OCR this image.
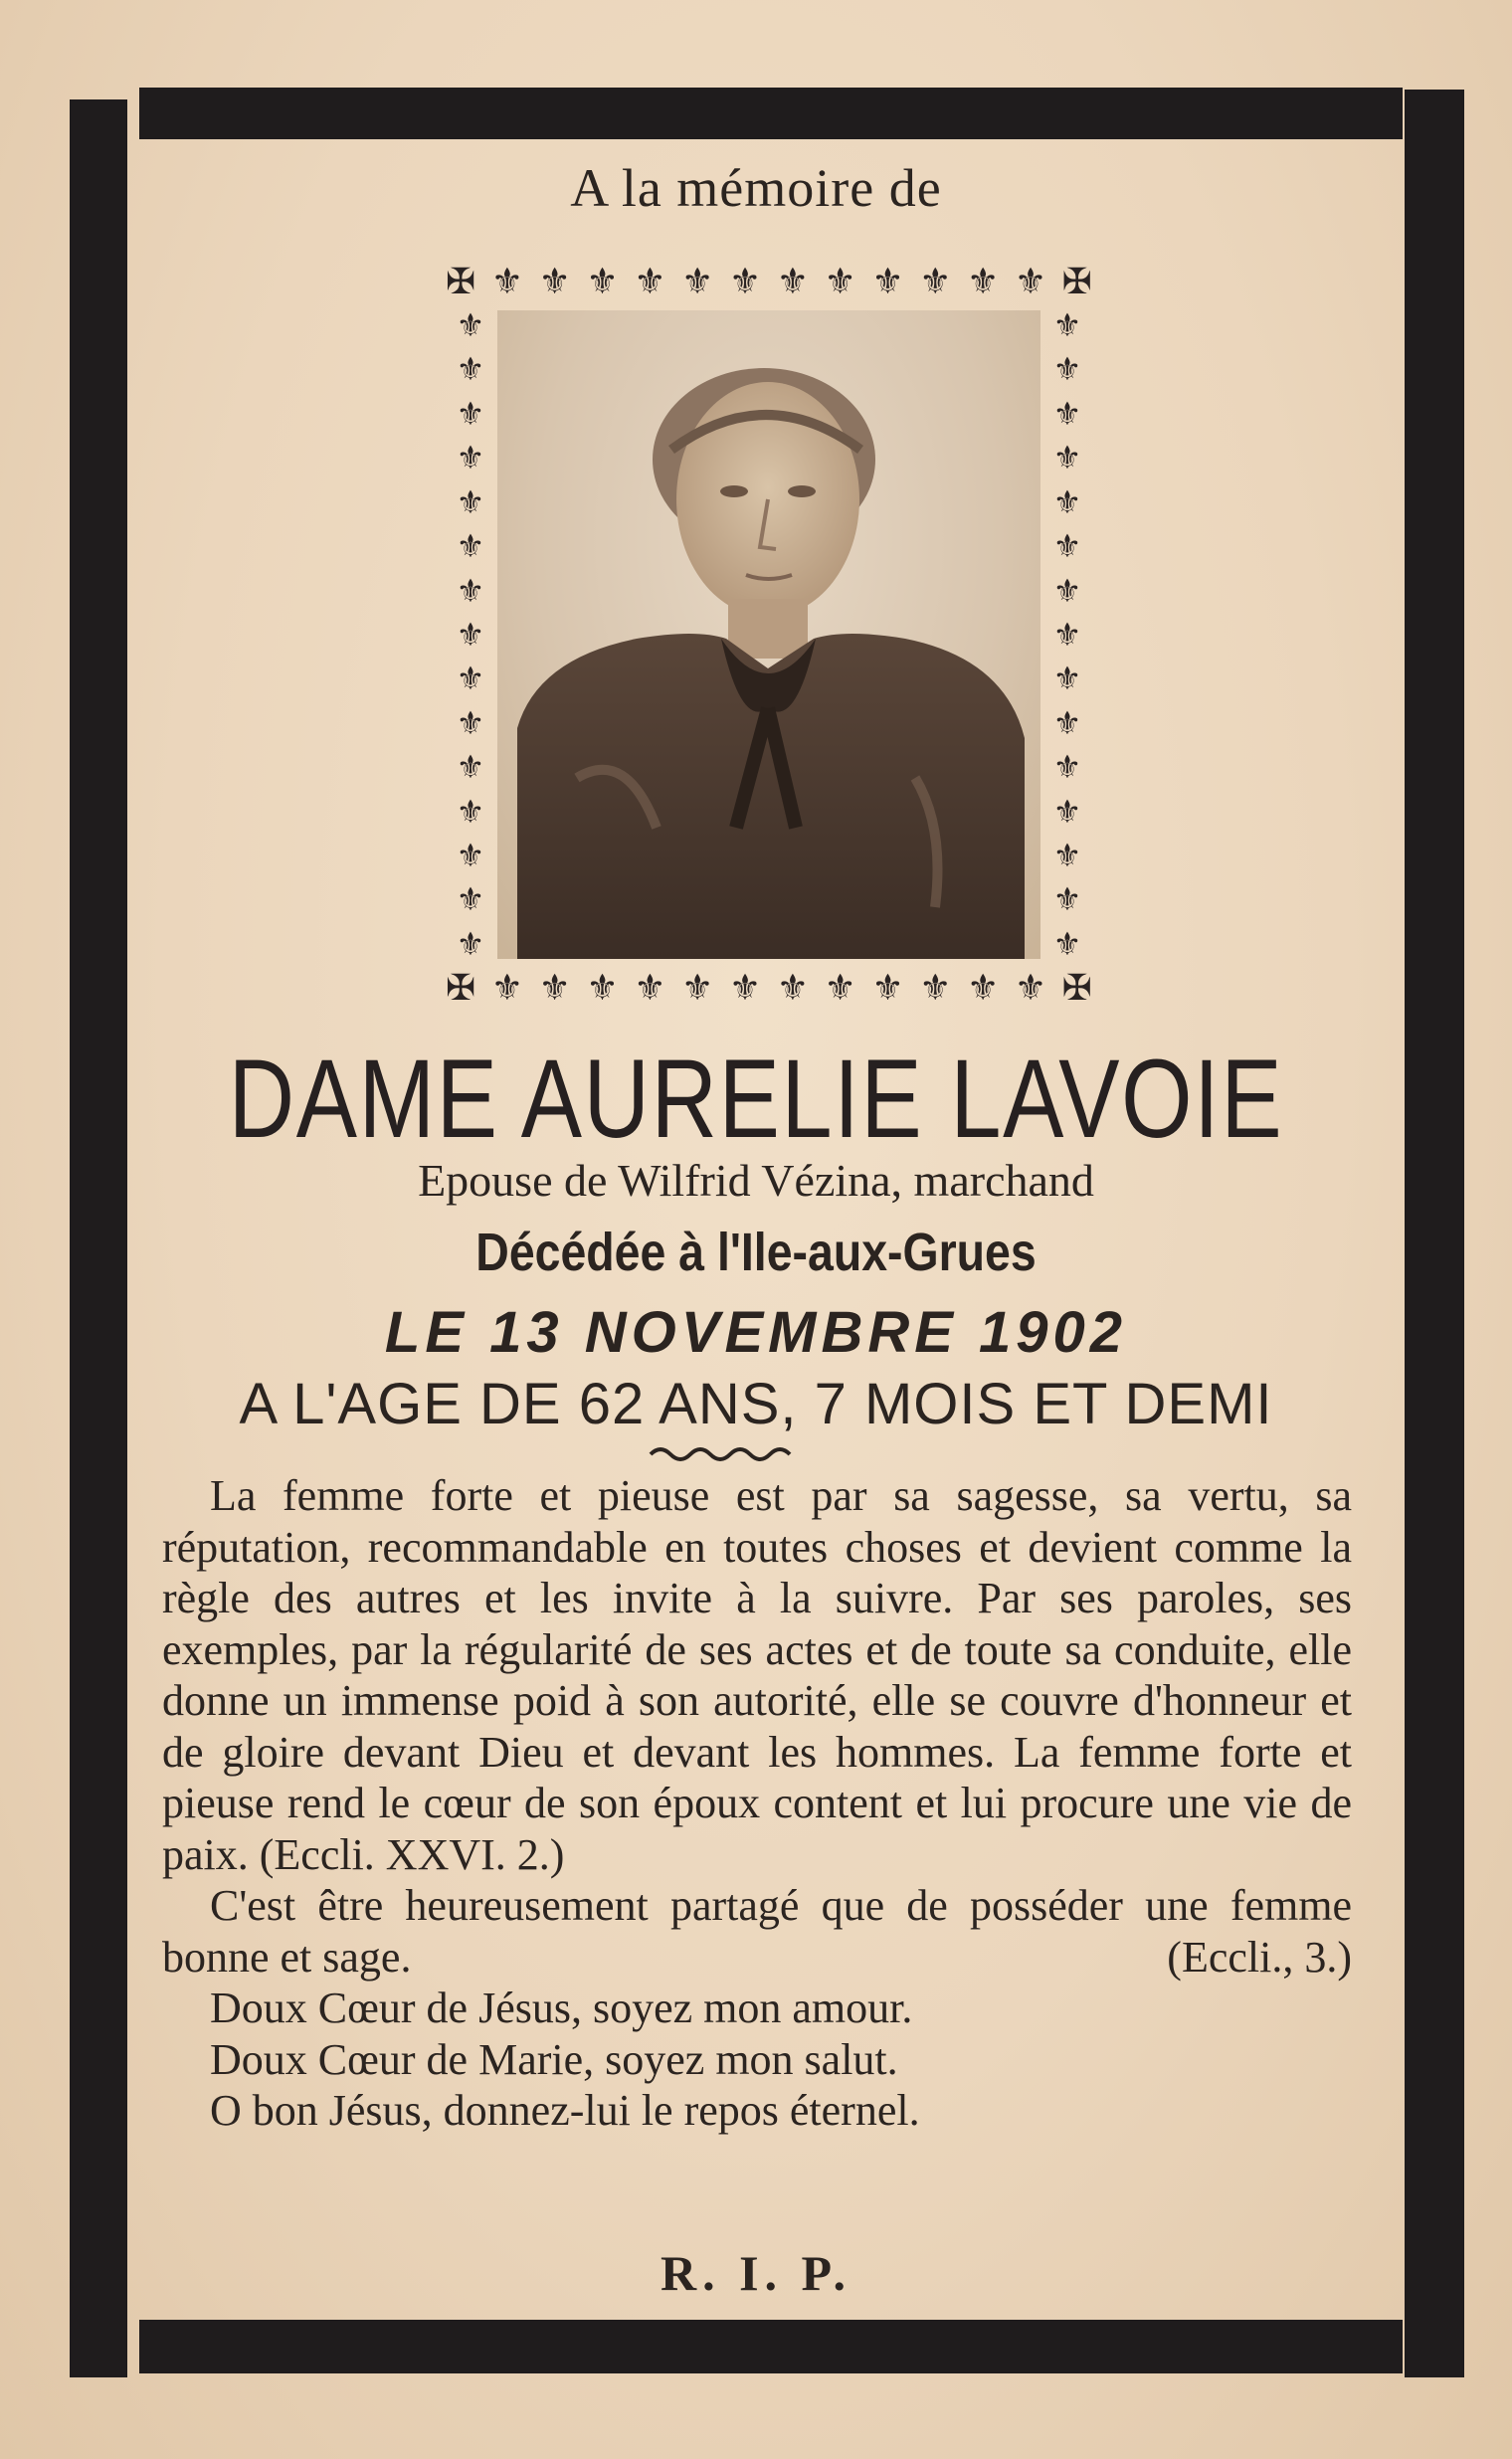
A la mémoire de
✠ ⚜ ⚜ ⚜ ⚜ ⚜ ⚜ ⚜ ⚜ ⚜ ⚜ ⚜ ⚜ ✠
⚜
⚜
⚜
⚜
⚜
⚜
⚜
⚜
⚜
⚜
⚜
⚜
⚜
⚜
⚜
⚜
⚜
⚜
⚜
⚜
⚜
⚜
⚜
⚜
⚜
⚜
⚜
⚜
⚜
⚜
✠ ⚜ ⚜ ⚜ ⚜ ⚜ ⚜ ⚜ ⚜ ⚜ ⚜ ⚜ ⚜ ✠
DAME AURELIE LAVOIE
Epouse de Wilfrid Vézina, marchand
Décédée à l'Ile-aux-Grues
LE 13 NOVEMBRE 1902
A L'AGE DE 62 ANS, 7 MOIS ET DEMI

La femme forte et pieuse est par sa sagesse, sa vertu, sa réputation, recommandable en toutes choses et devient comme la règle des autres et les invite à la suivre. Par ses paroles, ses exemples, par la régularité de ses actes et de toute sa conduite, elle donne un immense poid à son autorité, elle se couvre d'honneur et de gloire devant Dieu et devant les hommes. La femme forte et pieuse rend le cœur de son époux content et lui procure une vie de paix. (Eccli. XXVI. 2.)

C'est être heureusement partagé que de posséder une femme bonne et sage.	(Eccli., 3.)

Doux Cœur de Jésus, soyez mon amour.

Doux Cœur de Marie, soyez mon salut.

O bon Jésus, donnez-lui le repos éternel.

R. I. P.
